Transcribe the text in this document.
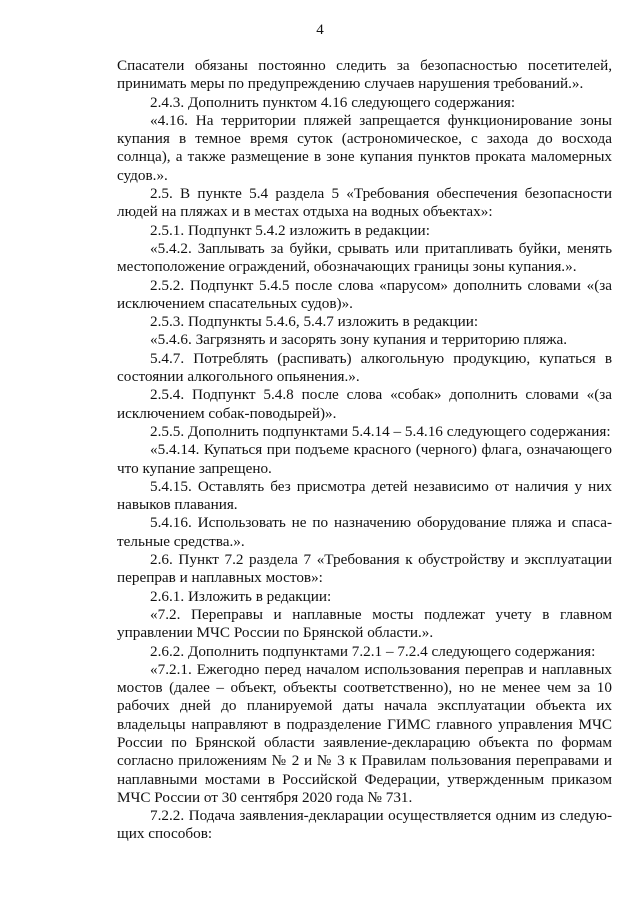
4

Спасатели обязаны постоянно следить за безопасностью посетителей, принимать меры по предупреждению случаев нарушения требований.».

2.4.3. Дополнить пунктом 4.16 следующего содержания:

«4.16. На территории пляжей запрещается функционирование зоны купания в темное время суток (астрономическое, с захода до восхода солнца), а также размещение в зоне купания пунктов проката маломерных судов.».

2.5. В пункте 5.4 раздела 5 «Требования обеспечения безопасности людей на пляжах и в местах отдыха на водных объектах»:

2.5.1. Подпункт 5.4.2 изложить в редакции:

«5.4.2. Заплывать за буйки, срывать или притапливать буйки, менять местоположение ограждений, обозначающих границы зоны купания.».

2.5.2. Подпункт 5.4.5 после слова «парусом» дополнить словами «(за исключением спасательных судов)».

2.5.3. Подпункты 5.4.6, 5.4.7 изложить в редакции:

«5.4.6. Загрязнять и засорять зону купания и территорию пляжа.

5.4.7. Потреблять (распивать) алкогольную продукцию, купаться в состоянии алкогольного опьянения.».

2.5.4. Подпункт 5.4.8 после слова «собак» дополнить словами «(за исключением собак-поводырей)».

2.5.5. Дополнить подпунктами 5.4.14 – 5.4.16 следующего содержания:

«5.4.14. Купаться при подъеме красного (черного) флага, означающего что купание запрещено.

5.4.15. Оставлять без присмотра детей независимо от наличия у них навыков плавания.

5.4.16. Использовать не по назначению оборудование пляжа и спасательные средства.».

2.6. Пункт 7.2 раздела 7 «Требования к обустройству и эксплуатации переправ и наплавных мостов»:

2.6.1. Изложить в редакции:

«7.2. Переправы и наплавные мосты подлежат учету в главном управлении МЧС России по Брянской области.».

2.6.2. Дополнить подпунктами 7.2.1 – 7.2.4 следующего содержания:

«7.2.1. Ежегодно перед началом использования переправ и наплавных мостов (далее – объект, объекты соответственно), но не менее чем за 10 рабочих дней до планируемой даты начала эксплуатации объекта их владельцы направляют в подразделение ГИМС главного управления МЧС России по Брянской области заявление-декларацию объекта по формам согласно приложениям № 2 и № 3 к Правилам пользования переправами и наплавными мостами в Российской Федерации, утвержденным приказом МЧС России от 30 сентября 2020 года № 731.

7.2.2. Подача заявления-декларации осуществляется одним из следующих способов:
